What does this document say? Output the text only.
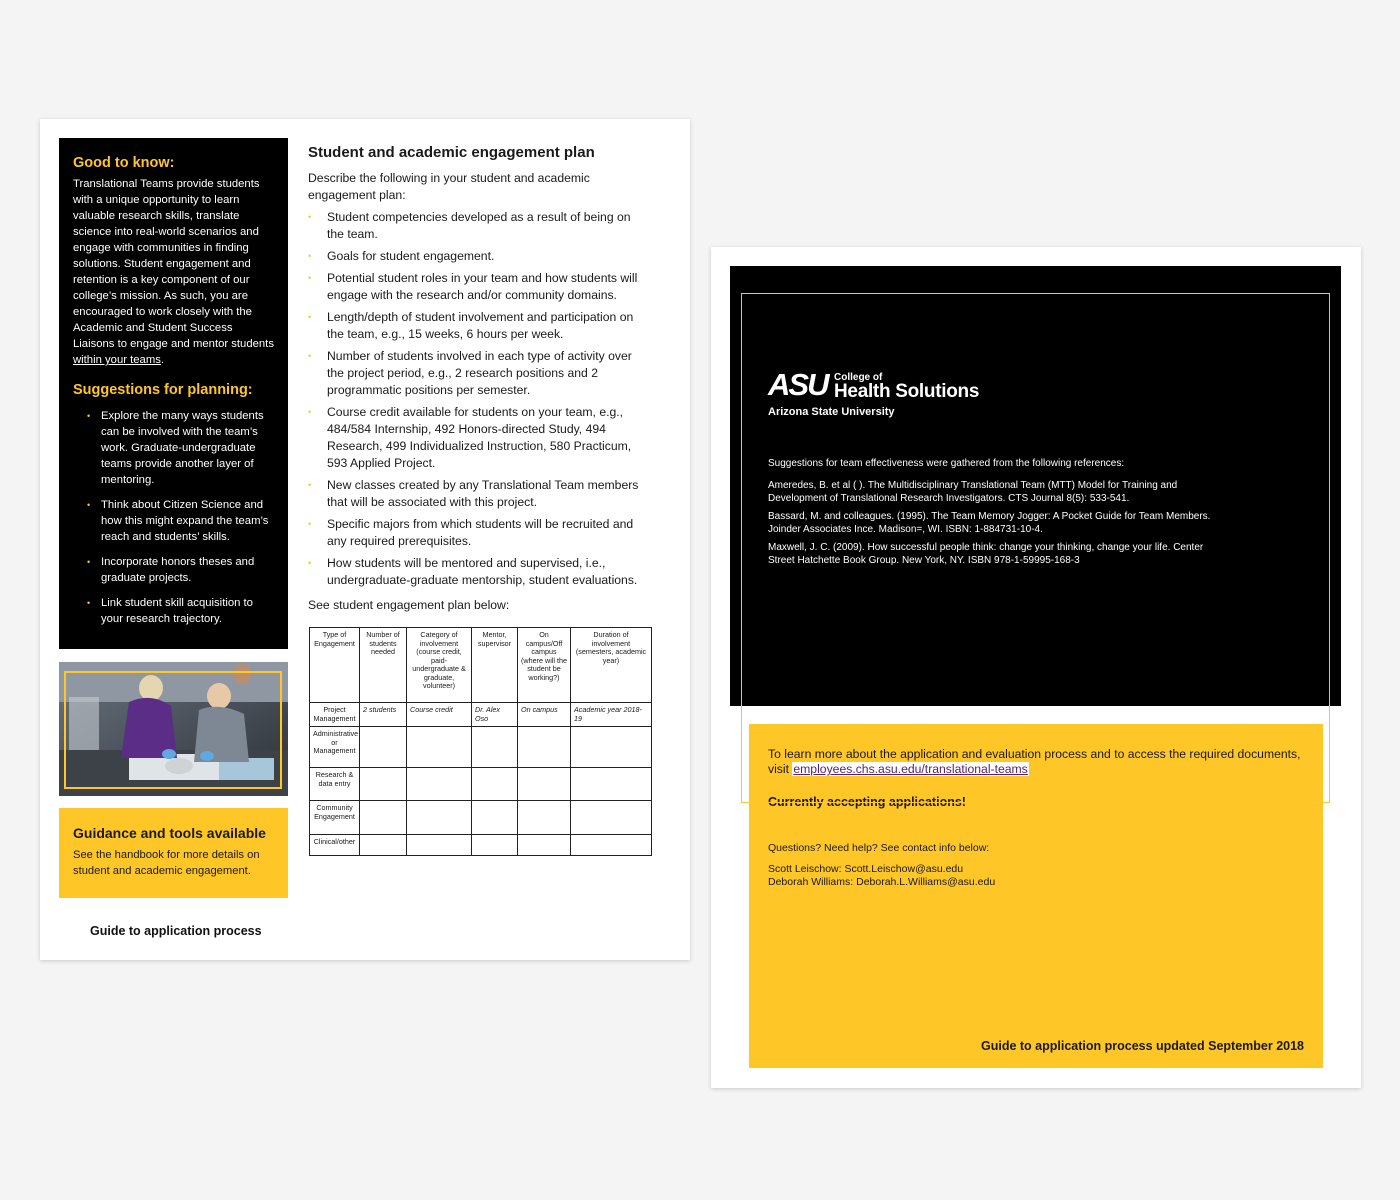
Good to know:

Translational Teams provide students with a unique opportunity to learn valuable research skills, translate science into real-world scenarios and engage with communities in finding solutions. Student engagement and retention is a key component of our college’s mission. As such, you are encouraged to work closely with the Academic and Student Success Liaisons to engage and mentor students within your teams.

Suggestions for planning:
• Explore the many ways students can be involved with the team’s work. Graduate-undergraduate teams provide another layer of mentoring.
• Think about Citizen Science and how this might expand the team’s reach and students’ skills.
• Incorporate honors theses and graduate projects.
• Link student skill acquisition to your research trajectory.
Guidance and tools available

See the handbook for more details on student and academic engagement.

Guide to application process
Student and academic engagement plan

Describe the following in your student and academic engagement plan:

• Student competencies developed as a result of being on the team.
• Goals for student engagement.
• Potential student roles in your team and how students will engage with the research and/or community domains.
• Length/depth of student involvement and participation on the team, e.g., 15 weeks, 6 hours per week.
• Number of students involved in each type of activity over the project period, e.g., 2 research positions and 2 programmatic positions per semester.
• Course credit available for students on your team, e.g., 484/584 Internship, 492 Honors-directed Study, 494 Research, 499 Individualized Instruction, 580 Practicum, 593 Applied Project.
• New classes created by any Translational Team members that will be associated with this project.
• Specific majors from which students will be recruited and any required prerequisites.
• How students will be mentored and supervised, i.e., undergraduate-graduate mentorship, student evaluations.
See student engagement plan below:
Type of Engagement	Number of students needed	Category of involvement (course credit, paid-undergraduate & graduate, volunteer)	Mentor, supervisor	On campus/Off campus (where will the student be working?)	Duration of involvement (semesters, academic year)
Project Management	2 students	Course credit	Dr. Alex Oso	On campus	Academic year 2018-19
Administrative or Management					
Research & data entry					
Community Engagement					
Clinical/other					
ASU College of
Health Solutions
Arizona State University

Suggestions for team effectiveness were gathered from the following references:

Ameredes, B. et al ( ). The Multidisciplinary Translational Team (MTT) Model for Training and Development of Translational Research Investigators. CTS Journal 8(5): 533-541.

Bassard, M. and colleagues. (1995). The Team Memory Jogger: A Pocket Guide for Team Members. Joinder Associates Ince. Madison=, WI. ISBN: 1-884731-10-4.

Maxwell, J. C. (2009). How successful people think: change your thinking, change your life. Center Street Hatchette Book Group. New York, NY. ISBN 978-1-59995-168-3

To learn more about the application and evaluation process and to access the required documents, visit employees.chs.asu.edu/translational-teams

Currently accepting applications!

Questions? Need help? See contact info below:

Scott Leischow: Scott.Leischow@asu.edu
Deborah Williams: Deborah.L.Williams@asu.edu

Guide to application process updated September 2018
